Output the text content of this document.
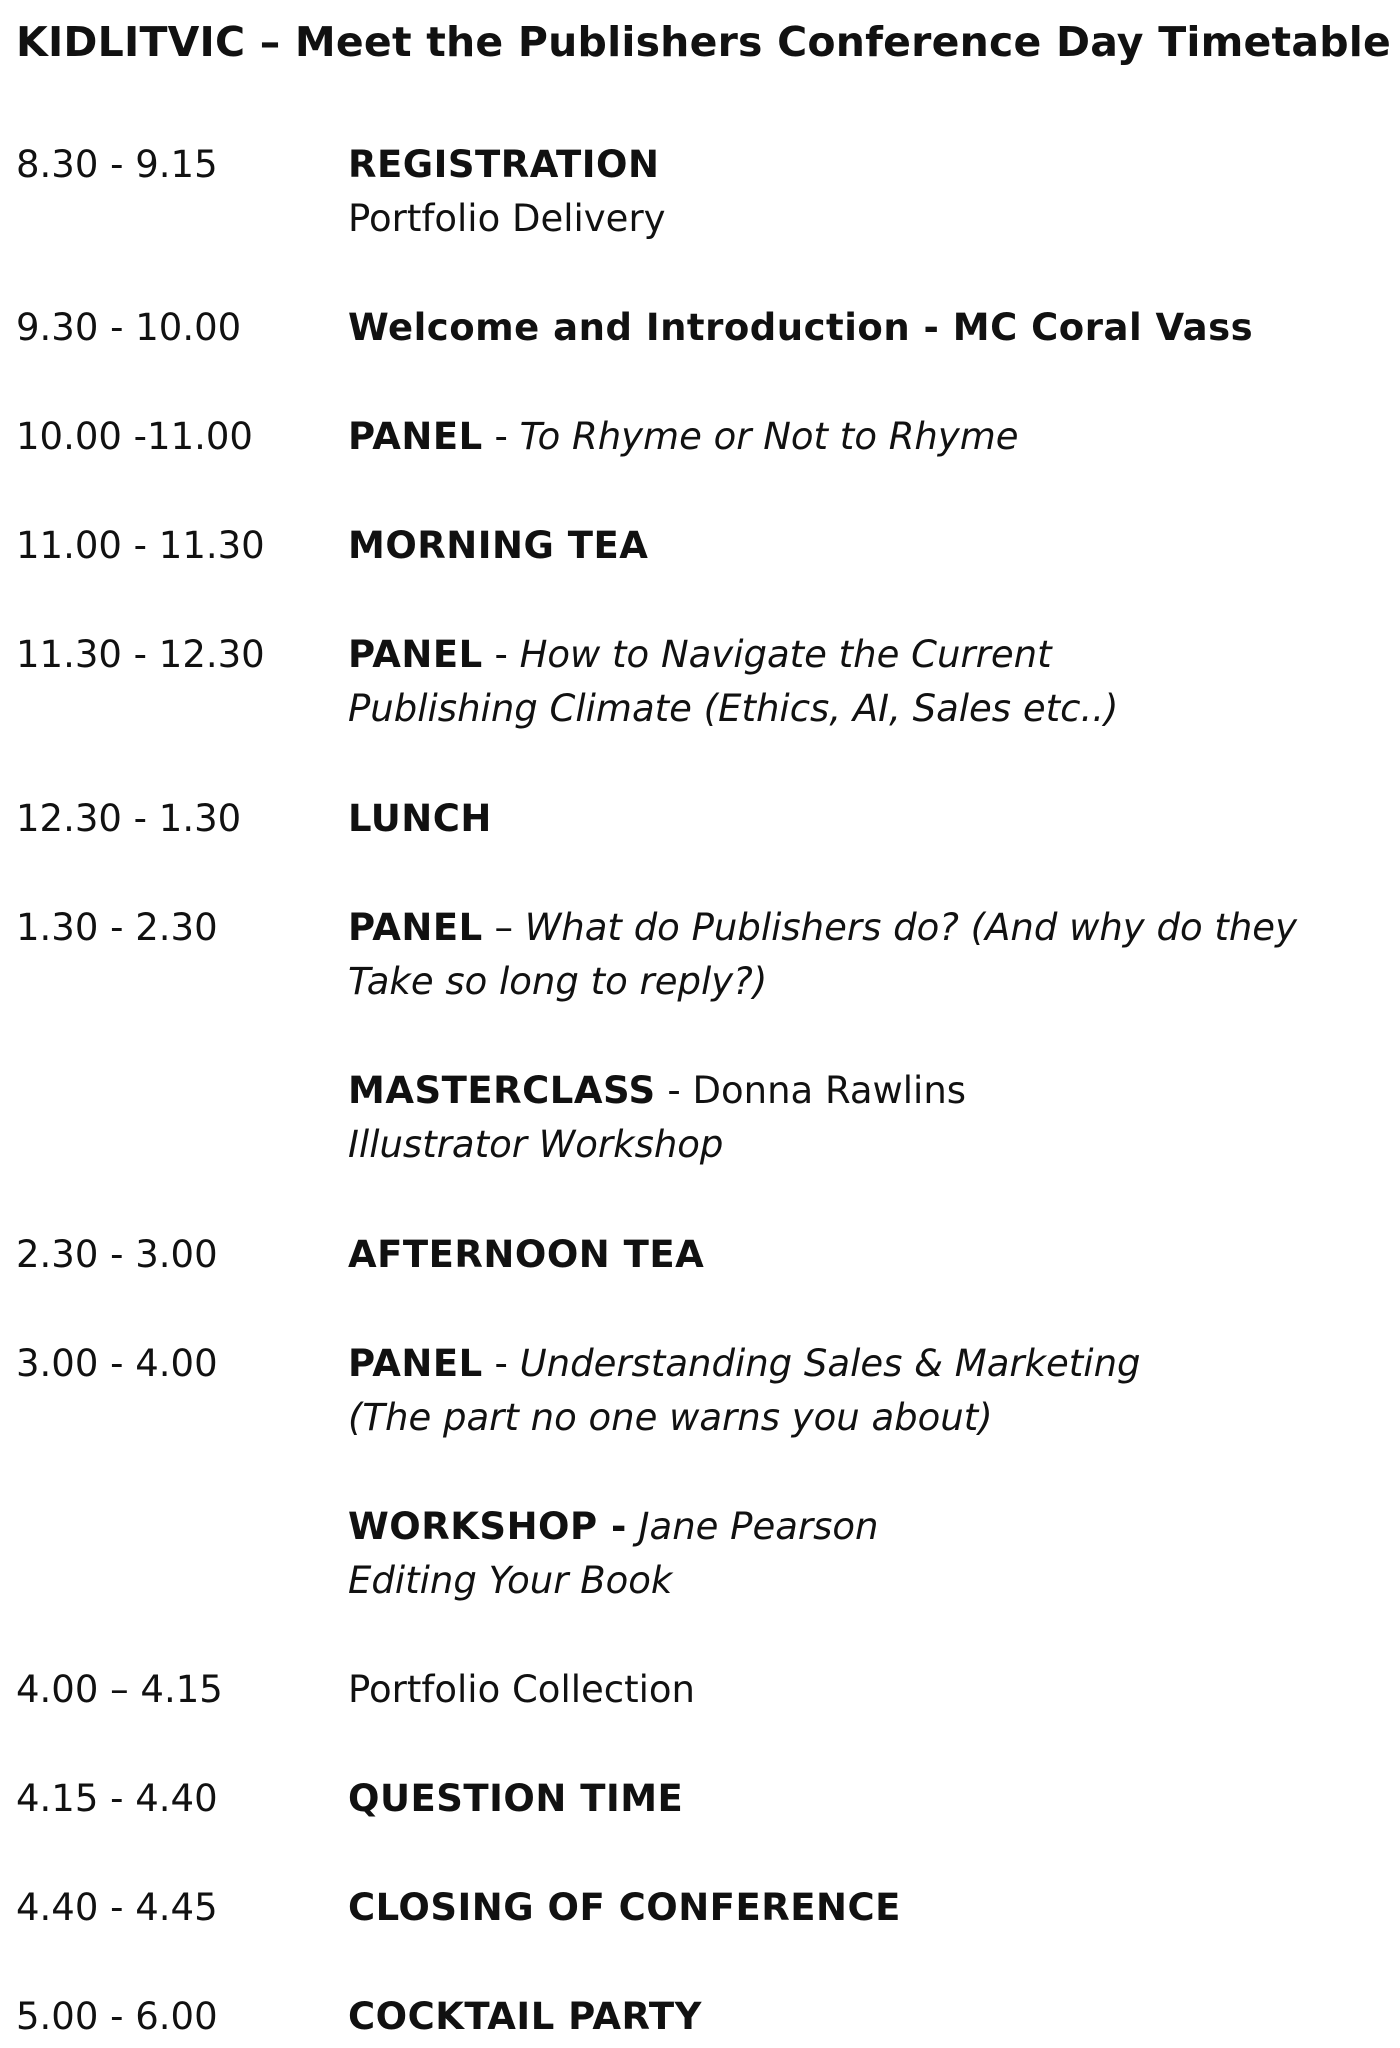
KIDLITVIC – Meet the Publishers Conference Day Timetable
8.30 - 9.15	REGISTRATION
Portfolio Delivery
9.30 - 10.00	Welcome and Introduction - MC Coral Vass
10.00 -11.00	PANEL - To Rhyme or Not to Rhyme
11.00 - 11.30 MORNING TEA
11.30 - 12.30 PANEL - How to Navigate the Current
Publishing Climate (Ethics, AI, Sales etc..)
12.30 - 1.30	LUNCH
1.30 - 2.30	PANEL – What do Publishers do? (And why do they
Take so long to reply?)
MASTERCLASS - Donna Rawlins
Illustrator Workshop
2.30 - 3.00	AFTERNOON TEA
3.00 - 4.00	PANEL - Understanding Sales & Marketing
(The part no one warns you about)
WORKSHOP - Jane Pearson
Editing Your Book
4.00 – 4.15	Portfolio Collection
4.15 - 4.40	QUESTION TIME
4.40 - 4.45	CLOSING OF CONFERENCE
5.00 - 6.00	COCKTAIL PARTY
